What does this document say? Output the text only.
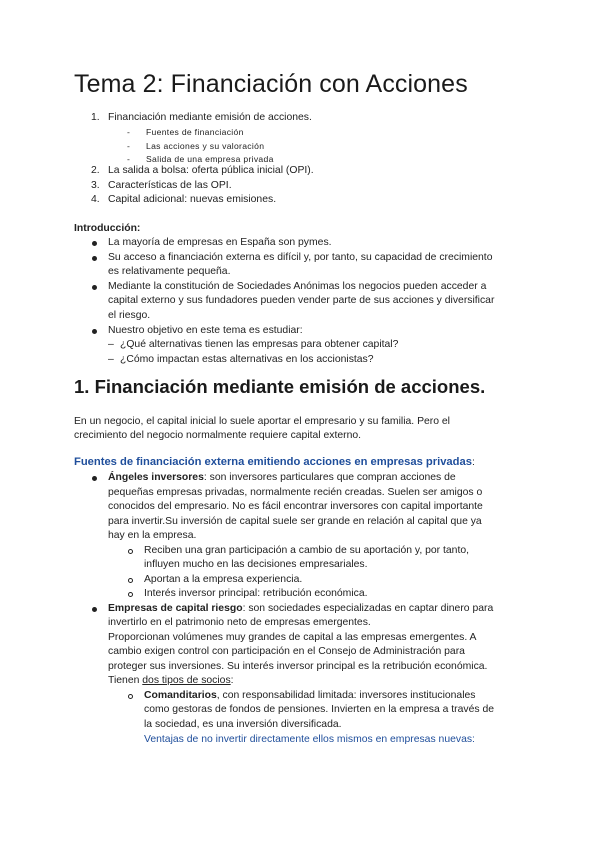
Tema 2: Financiación con Acciones
1. Financiación mediante emisión de acciones.
- Fuentes de financiación
- Las acciones y su valoración
- Salida de una empresa privada
2. La salida a bolsa: oferta pública inicial (OPI).
3. Características de las OPI.
4. Capital adicional: nuevas emisiones.
Introducción:
La mayoría de empresas en España son pymes.
Su acceso a financiación externa es difícil y, por tanto, su capacidad de crecimiento
es relativamente pequeña.
Mediante la constitución de Sociedades Anónimas los negocios pueden acceder a
capital externo y sus fundadores pueden vender parte de sus acciones y diversificar
el riesgo.
Nuestro objetivo en este tema es estudiar:
– ¿Qué alternativas tienen las empresas para obtener capital?
– ¿Cómo impactan estas alternativas en los accionistas?
1. Financiación mediante emisión de acciones.
En un negocio, el capital inicial lo suele aportar el empresario y su familia. Pero el
crecimiento del negocio normalmente requiere capital externo.
Fuentes de financiación externa emitiendo acciones en empresas privadas:
Ángeles inversores: son inversores particulares que compran acciones de
pequeñas empresas privadas, normalmente recién creadas. Suelen ser amigos o
conocidos del empresario. No es fácil encontrar inversores con capital importante
para invertir.Su inversión de capital suele ser grande en relación al capital que ya
hay en la empresa.
Reciben una gran participación a cambio de su aportación y, por tanto,
influyen mucho en las decisiones empresariales.
Aportan a la empresa experiencia.
Interés inversor principal: retribución económica.
Empresas de capital riesgo: son sociedades especializadas en captar dinero para
invertirlo en el patrimonio neto de empresas emergentes.
Proporcionan volúmenes muy grandes de capital a las empresas emergentes. A
cambio exigen control con participación en el Consejo de Administración para
proteger sus inversiones. Su interés inversor principal es la retribución económica.
Tienen dos tipos de socios:
Comanditarios, con responsabilidad limitada: inversores institucionales
como gestoras de fondos de pensiones. Invierten en la empresa a través de
la sociedad, es una inversión diversificada.
Ventajas de no invertir directamente ellos mismos en empresas nuevas:
